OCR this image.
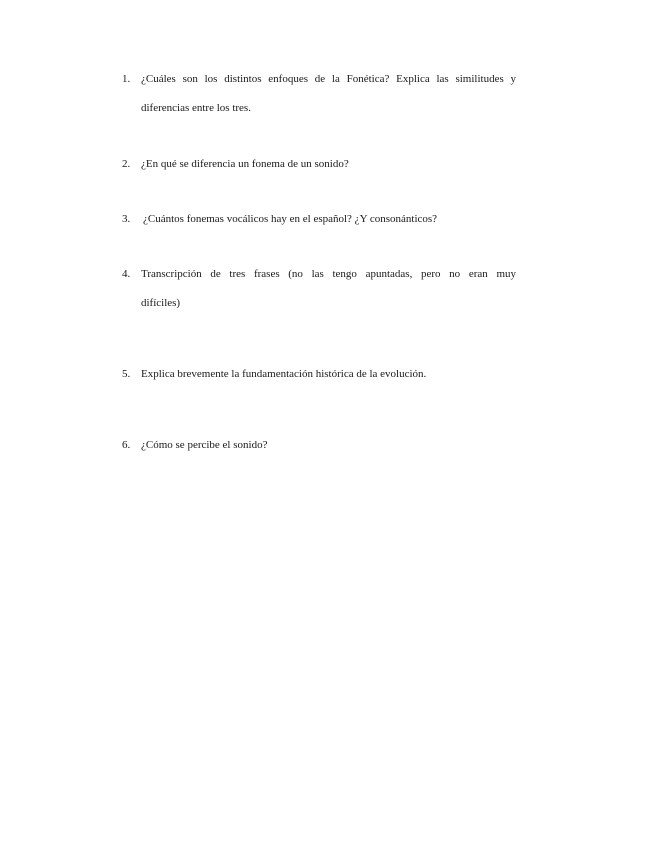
1. ¿Cuáles son los distintos enfoques de la Fonética? Explica las similitudes y
diferencias entre los tres.
2. ¿En qué se diferencia un fonema de un sonido?
3.	¿Cuántos fonemas vocálicos hay en el español? ¿Y consonánticos?
4. Transcripción de tres frases (no las tengo apuntadas, pero no eran muy
difíciles)
5. Explica brevemente la fundamentación histórica de la evolución.
6. ¿Cómo se percibe el sonido?
